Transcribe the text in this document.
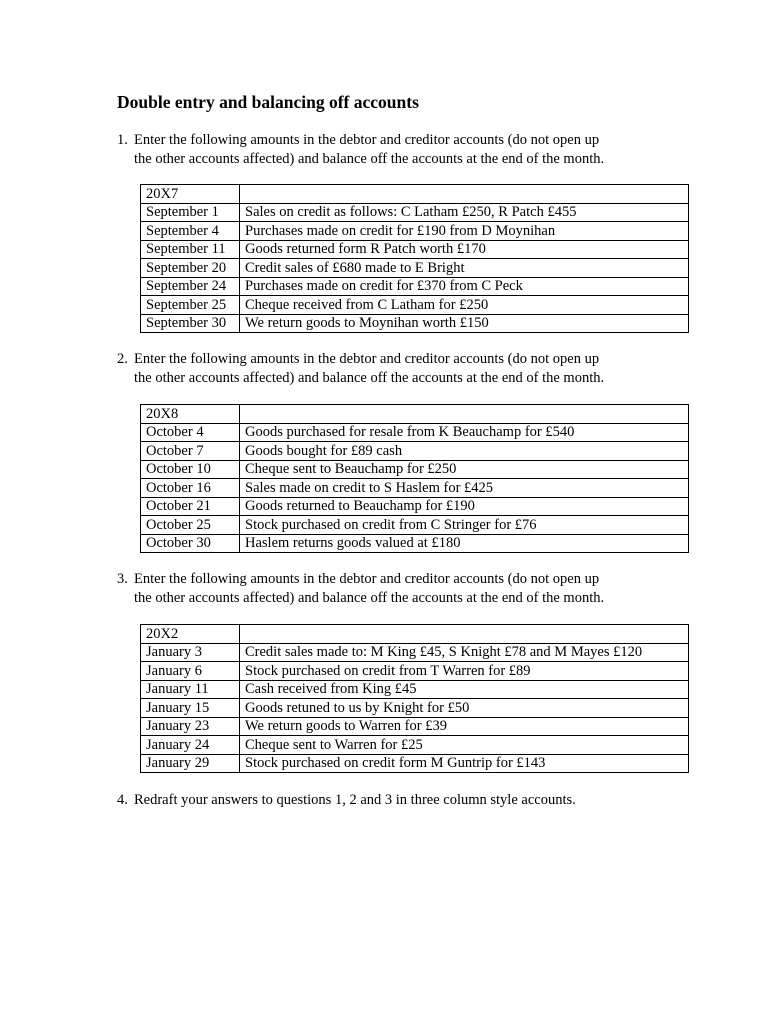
Double entry and balancing off accounts
1. Enter the following amounts in the debtor and creditor accounts (do not open up
the other accounts affected) and balance off the accounts at the end of the month.
20X7	
September 1	Sales on credit as follows: C Latham £250, R Patch £455
September 4	Purchases made on credit for £190 from D Moynihan
September 11	Goods returned form R Patch worth £170
September 20	Credit sales of £680 made to E Bright
September 24	Purchases made on credit for £370 from C Peck
September 25	Cheque received from C Latham for £250
September 30	We return goods to Moynihan worth £150
2. Enter the following amounts in the debtor and creditor accounts (do not open up
the other accounts affected) and balance off the accounts at the end of the month.
20X8	
October 4	Goods purchased for resale from K Beauchamp for £540
October 7	Goods bought for £89 cash
October 10	Cheque sent to Beauchamp for £250
October 16	Sales made on credit to S Haslem for £425
October 21	Goods returned to Beauchamp for £190
October 25	Stock purchased on credit from C Stringer for £76
October 30	Haslem returns goods valued at £180
3. Enter the following amounts in the debtor and creditor accounts (do not open up
the other accounts affected) and balance off the accounts at the end of the month.
20X2	
January 3	Credit sales made to: M King £45, S Knight £78 and M Mayes £120
January 6	Stock purchased on credit from T Warren for £89
January 11	Cash received from King £45
January 15	Goods retuned to us by Knight for £50
January 23	We return goods to Warren for £39
January 24	Cheque sent to Warren for £25
January 29	Stock purchased on credit form M Guntrip for £143
4. Redraft your answers to questions 1, 2 and 3 in three column style accounts.
